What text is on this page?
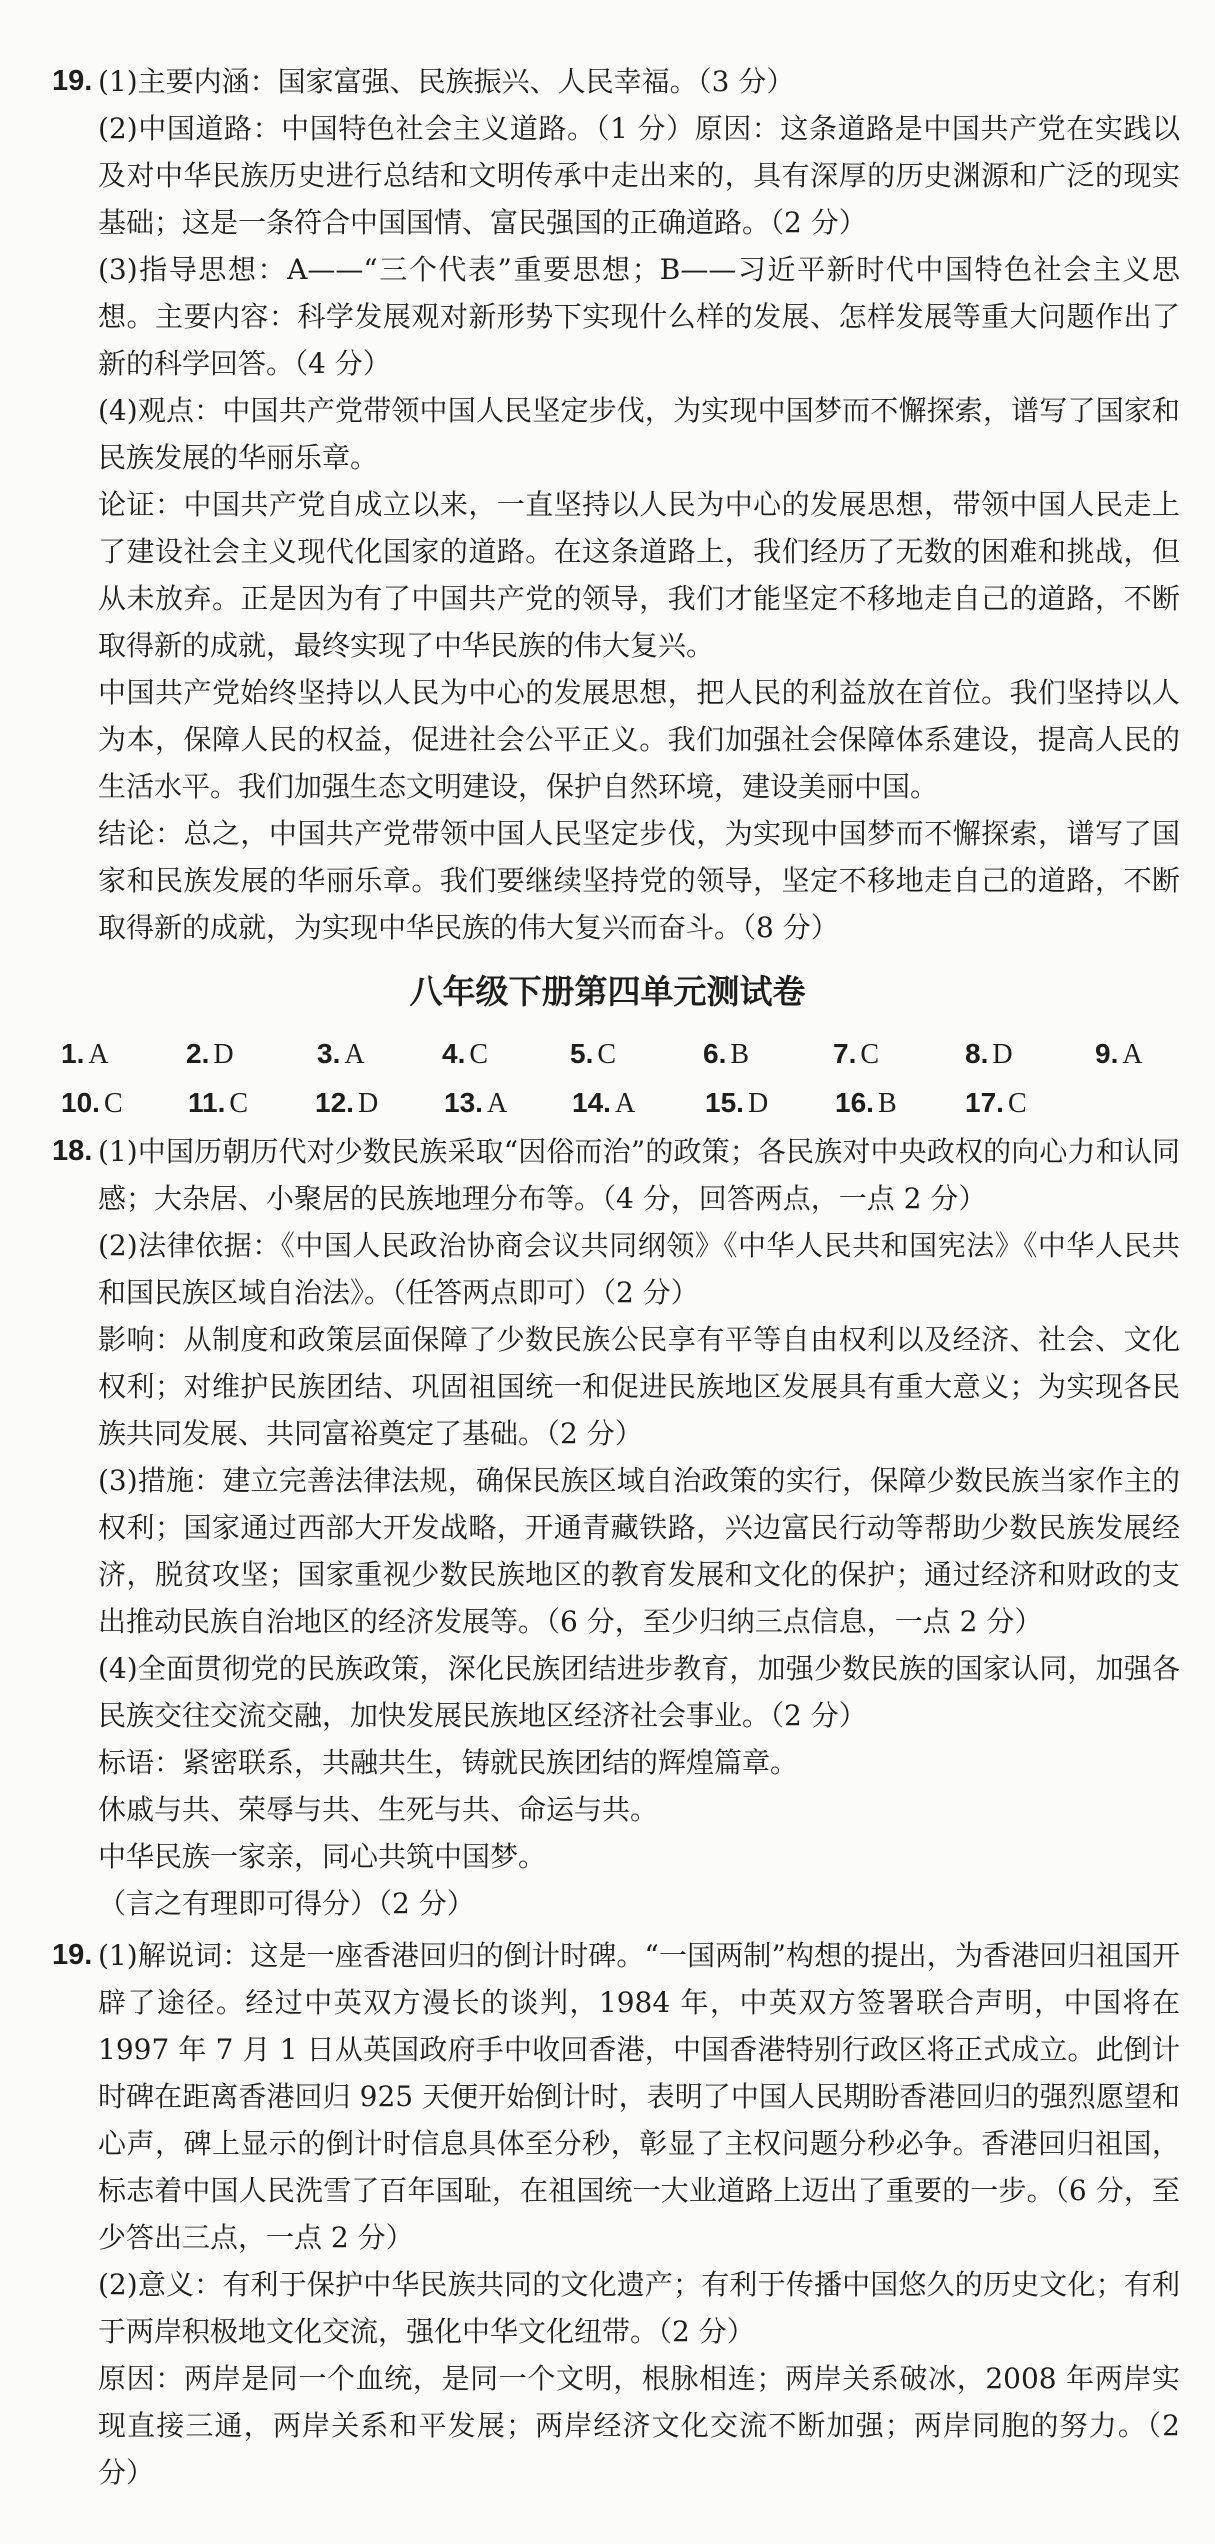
19. (1)主要内涵：国家富强、民族振兴、人民幸福。（3 分）

(2)中国道路：中国特色社会主义道路。（1 分）原因：这条道路是中国共产党在实践以及对中华民族历史进行总结和文明传承中走出来的，具有深厚的历史渊源和广泛的现实基础；这是一条符合中国国情、富民强国的正确道路。（2 分）

(3)指导思想：A——“三个代表”重要思想；B——习近平新时代中国特色社会主义思想。主要内容：科学发展观对新形势下实现什么样的发展、怎样发展等重大问题作出了新的科学回答。（4 分）

(4)观点：中国共产党带领中国人民坚定步伐，为实现中国梦而不懈探索，谱写了国家和民族发展的华丽乐章。

论证：中国共产党自成立以来，一直坚持以人民为中心的发展思想，带领中国人民走上了建设社会主义现代化国家的道路。在这条道路上，我们经历了无数的困难和挑战，但从未放弃。正是因为有了中国共产党的领导，我们才能坚定不移地走自己的道路，不断取得新的成就，最终实现了中华民族的伟大复兴。

中国共产党始终坚持以人民为中心的发展思想，把人民的利益放在首位。我们坚持以人为本，保障人民的权益，促进社会公平正义。我们加强社会保障体系建设，提高人民的生活水平。我们加强生态文明建设，保护自然环境，建设美丽中国。

结论：总之，中国共产党带领中国人民坚定步伐，为实现中国梦而不懈探索，谱写了国家和民族发展的华丽乐章。我们要继续坚持党的领导，坚定不移地走自己的道路，不断取得新的成就，为实现中华民族的伟大复兴而奋斗。（8 分）

八年级下册第四单元测试卷
1. A	2. D	3. A	4. C	5. C	6. B	7. C	8. D	9. A
10. C 11. C 12. D 13. A 14. A 15. D 16. B 17. C
18. (1)中国历朝历代对少数民族采取“因俗而治”的政策；各民族对中央政权的向心力和认同感；大杂居、小聚居的民族地理分布等。（4 分，回答两点，一点 2 分）

(2)法律依据：《中国人民政治协商会议共同纲领》《中华人民共和国宪法》《中华人民共和国民族区域自治法》。（任答两点即可）（2 分）

影响：从制度和政策层面保障了少数民族公民享有平等自由权利以及经济、社会、文化权利；对维护民族团结、巩固祖国统一和促进民族地区发展具有重大意义；为实现各民族共同发展、共同富裕奠定了基础。（2 分）

(3)措施：建立完善法律法规，确保民族区域自治政策的实行，保障少数民族当家作主的权利；国家通过西部大开发战略，开通青藏铁路，兴边富民行动等帮助少数民族发展经济，脱贫攻坚；国家重视少数民族地区的教育发展和文化的保护；通过经济和财政的支出推动民族自治地区的经济发展等。（6 分，至少归纳三点信息，一点 2 分）

(4)全面贯彻党的民族政策，深化民族团结进步教育，加强少数民族的国家认同，加强各民族交往交流交融，加快发展民族地区经济社会事业。（2 分）

标语：紧密联系，共融共生，铸就民族团结的辉煌篇章。

休戚与共、荣辱与共、生死与共、命运与共。

中华民族一家亲，同心共筑中国梦。

（言之有理即可得分）（2 分）

19. (1)解说词：这是一座香港回归的倒计时碑。“一国两制”构想的提出，为香港回归祖国开辟了途径。经过中英双方漫长的谈判，1984 年，中英双方签署联合声明，中国将在 1997 年 7 月 1 日从英国政府手中收回香港，中国香港特别行政区将正式成立。此倒计时碑在距离香港回归 925 天便开始倒计时，表明了中国人民期盼香港回归的强烈愿望和心声，碑上显示的倒计时信息具体至分秒，彰显了主权问题分秒必争。香港回归祖国，标志着中国人民洗雪了百年国耻，在祖国统一大业道路上迈出了重要的一步。（6 分，至少答出三点，一点 2 分）

(2)意义：有利于保护中华民族共同的文化遗产；有利于传播中国悠久的历史文化；有利于两岸积极地文化交流，强化中华文化纽带。（2 分）

原因：两岸是同一个血统，是同一个文明，根脉相连；两岸关系破冰，2008 年两岸实现直接三通，两岸关系和平发展；两岸经济文化交流不断加强；两岸同胞的努力。（2 分）
